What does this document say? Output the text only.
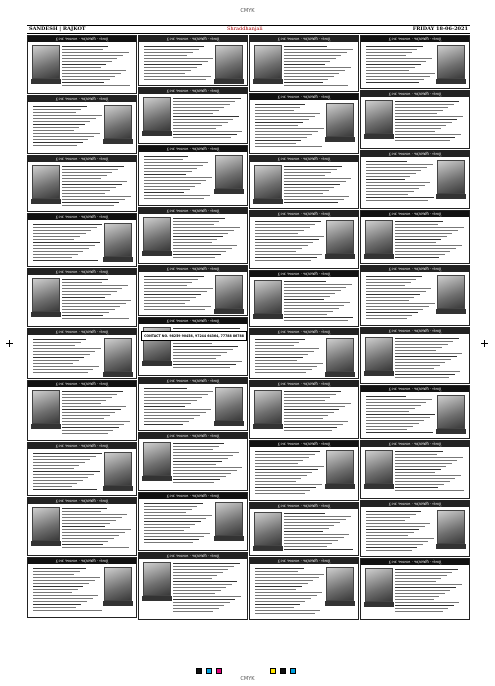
CMYK
CMYK
SANDESH | RAJKOT	Shraddhanjali	FRIDAY 18-06-2021
દુઃખદ અવસાન · શ્રદ્ધાંજલિ · બેસણું
દુઃખદ અવસાન · શ્રદ્ધાંજલિ · બેસણું
દુઃખદ અવસાન · શ્રદ્ધાંજલિ · બેસણું
દુઃખદ અવસાન · શ્રદ્ધાંજલિ · બેસણું
દુઃખદ અવસાન · શ્રદ્ધાંજલિ · બેસણું
દુઃખદ અવસાન · શ્રદ્ધાંજલિ · બેસણું
દુઃખદ અવસાન · શ્રદ્ધાંજલિ · બેસણું
દુઃખદ અવસાન · શ્રદ્ધાંજલિ · બેસણું
દુઃખદ અવસાન · શ્રદ્ધાંજલિ · બેસણું
દુઃખદ અવસાન · શ્રદ્ધાંજલિ · બેસણું
દુઃખદ અવસાન · શ્રદ્ધાંજલિ · બેસણું
દુઃખદ અવસાન · શ્રદ્ધાંજલિ · બેસણું
દુઃખદ અવસાન · શ્રદ્ધાંજલિ · બેસણું
દુઃખદ અવસાન · શ્રદ્ધાંજલિ · બેસણું
દુઃખદ અવસાન · શ્રદ્ધાંજલિ · બેસણું
દુઃખદ અવસાન · શ્રદ્ધાંજલિ · બેસણું
દુઃખદ અવસાન · શ્રદ્ધાંજલિ · બેસણું
દુઃખદ અવસાન · શ્રદ્ધાંજલિ · બેસણું
દુઃખદ અવસાન · શ્રદ્ધાંજલિ · બેસણું
દુઃખદ અવસાન · શ્રદ્ધાંજલિ · બેસણું
દુઃખદ અવસાન · શ્રદ્ધાંજલિ · બેસણું
દુઃખદ અવસાન · શ્રદ્ધાંજલિ · બેસણું
દુઃખદ અવસાન · શ્રદ્ધાંજલિ · બેસણું
દુઃખદ અવસાન · શ્રદ્ધાંજલિ · બેસણું
દુઃખદ અવસાન · શ્રદ્ધાંજલિ · બેસણું
દુઃખદ અવસાન · શ્રદ્ધાંજલિ · બેસણું
દુઃખદ અવસાન · શ્રદ્ધાંજલિ · બેસણું
દુઃખદ અવસાન · શ્રદ્ધાંજલિ · બેસણું
દુઃખદ અવસાન · શ્રદ્ધાંજલિ · બેસણું
દુઃખદ અવસાન · શ્રદ્ધાંજલિ · બેસણું
દુઃખદ અવસાન · શ્રદ્ધાંજલિ · બેસણું
દુઃખદ અવસાન · શ્રદ્ધાંજલિ · બેસણું
દુઃખદ અવસાન · શ્રદ્ધાંજલિ · બેસણું
દુઃખદ અવસાન · શ્રદ્ધાંજલિ · બેસણું
દુઃખદ અવસાન · શ્રદ્ધાંજલિ · બેસણું
દુઃખદ અવસાન · શ્રદ્ધાંજલિ · બેસણું
દુઃખદ અવસાન · શ્રદ્ધાંજલિ · બેસણું
દુઃખદ અવસાન · શ્રદ્ધાંજલિ · બેસણું
દુઃખદ અવસાન · શ્રદ્ધાંજલિ · બેસણું
દુઃખદ અવસાન · શ્રદ્ધાંજલિ · બેસણું
CONTACT NO. 98259 90458, 97244 64364, 77788 86788
